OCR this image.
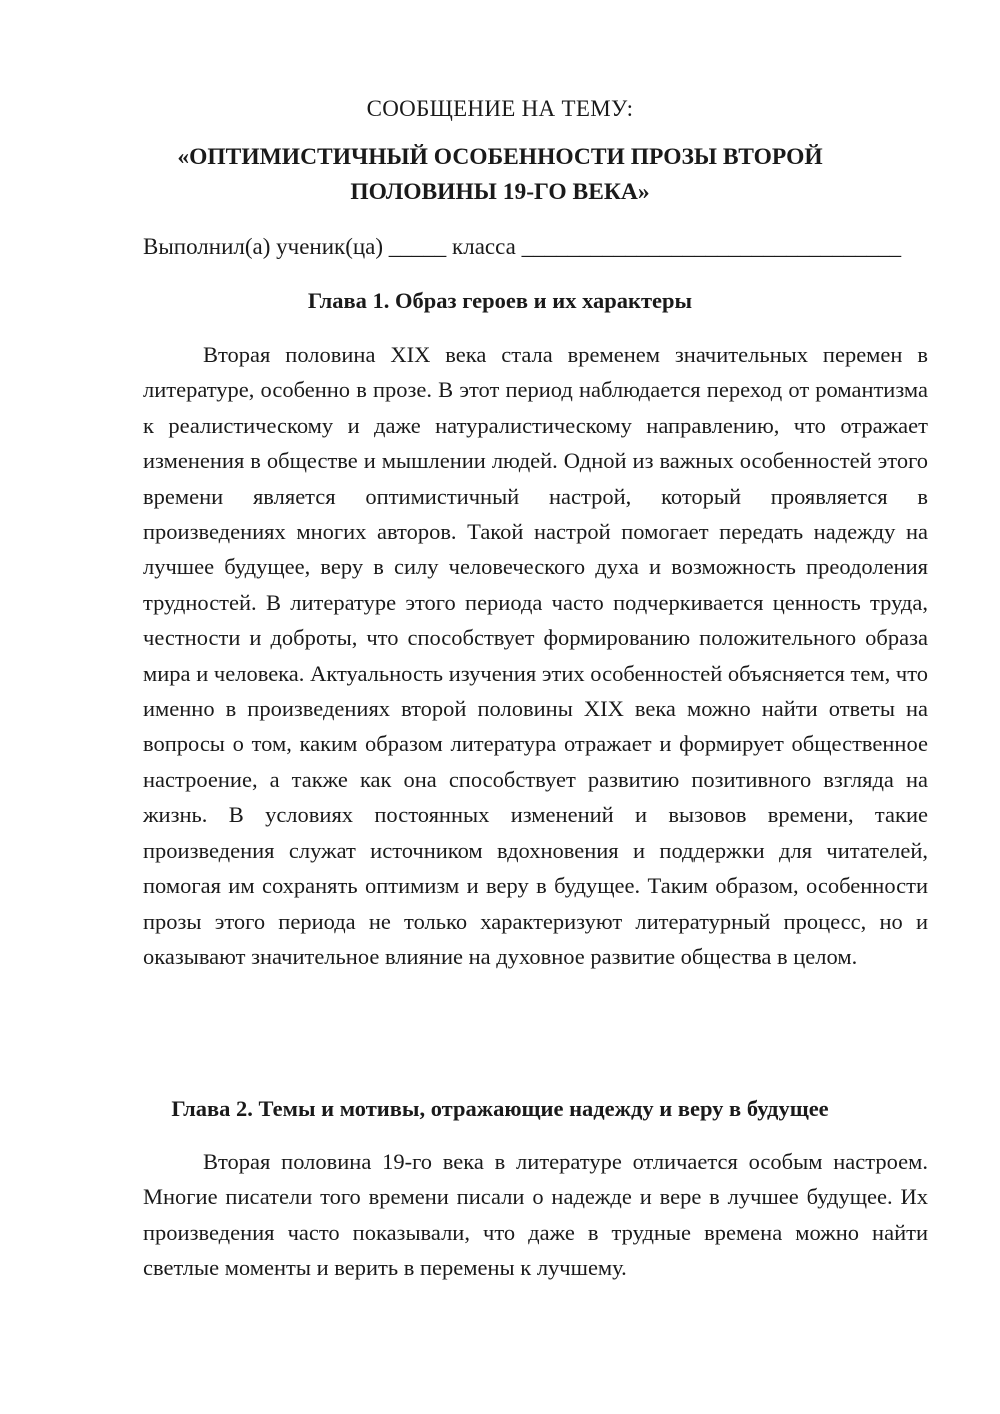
СООБЩЕНИЕ НА ТЕМУ:
«ОПТИМИСТИЧНЫЙ ОСОБЕННОСТИ ПРОЗЫ ВТОРОЙ ПОЛОВИНЫ 19-ГО ВЕКА»
Выполнил(а) ученик(ца) _____ класса _________________________________
Глава 1. Образ героев и их характеры

Вторая половина XIX века стала временем значительных перемен в литературе, особенно в прозе. В этот период наблюдается переход от романтизма к реалистическому и даже натуралистическому направлению, что отражает изменения в обществе и мышлении людей. Одной из важных особенностей этого времени является оптимистичный настрой, который проявляется в произведениях многих авторов. Такой настрой помогает передать надежду на лучшее будущее, веру в силу человеческого духа и возможность преодоления трудностей. В литературе этого периода часто подчеркивается ценность труда, честности и доброты, что способствует формированию положительного образа мира и человека. Актуальность изучения этих особенностей объясняется тем, что именно в произведениях второй половины XIX века можно найти ответы на вопросы о том, каким образом литература отражает и формирует общественное настроение, а также как она способствует развитию позитивного взгляда на жизнь. В условиях постоянных изменений и вызовов времени, такие произведения служат источником вдохновения и поддержки для читателей, помогая им сохранять оптимизм и веру в будущее. Таким образом, особенности прозы этого периода не только характеризуют литературный процесс, но и оказывают значительное влияние на духовное развитие общества в целом.

Глава 2. Темы и мотивы, отражающие надежду и веру в будущее

Вторая половина 19-го века в литературе отличается особым настроем. Многие писатели того времени писали о надежде и вере в лучшее будущее. Их произведения часто показывали, что даже в трудные времена можно найти светлые моменты и верить в перемены к лучшему.
